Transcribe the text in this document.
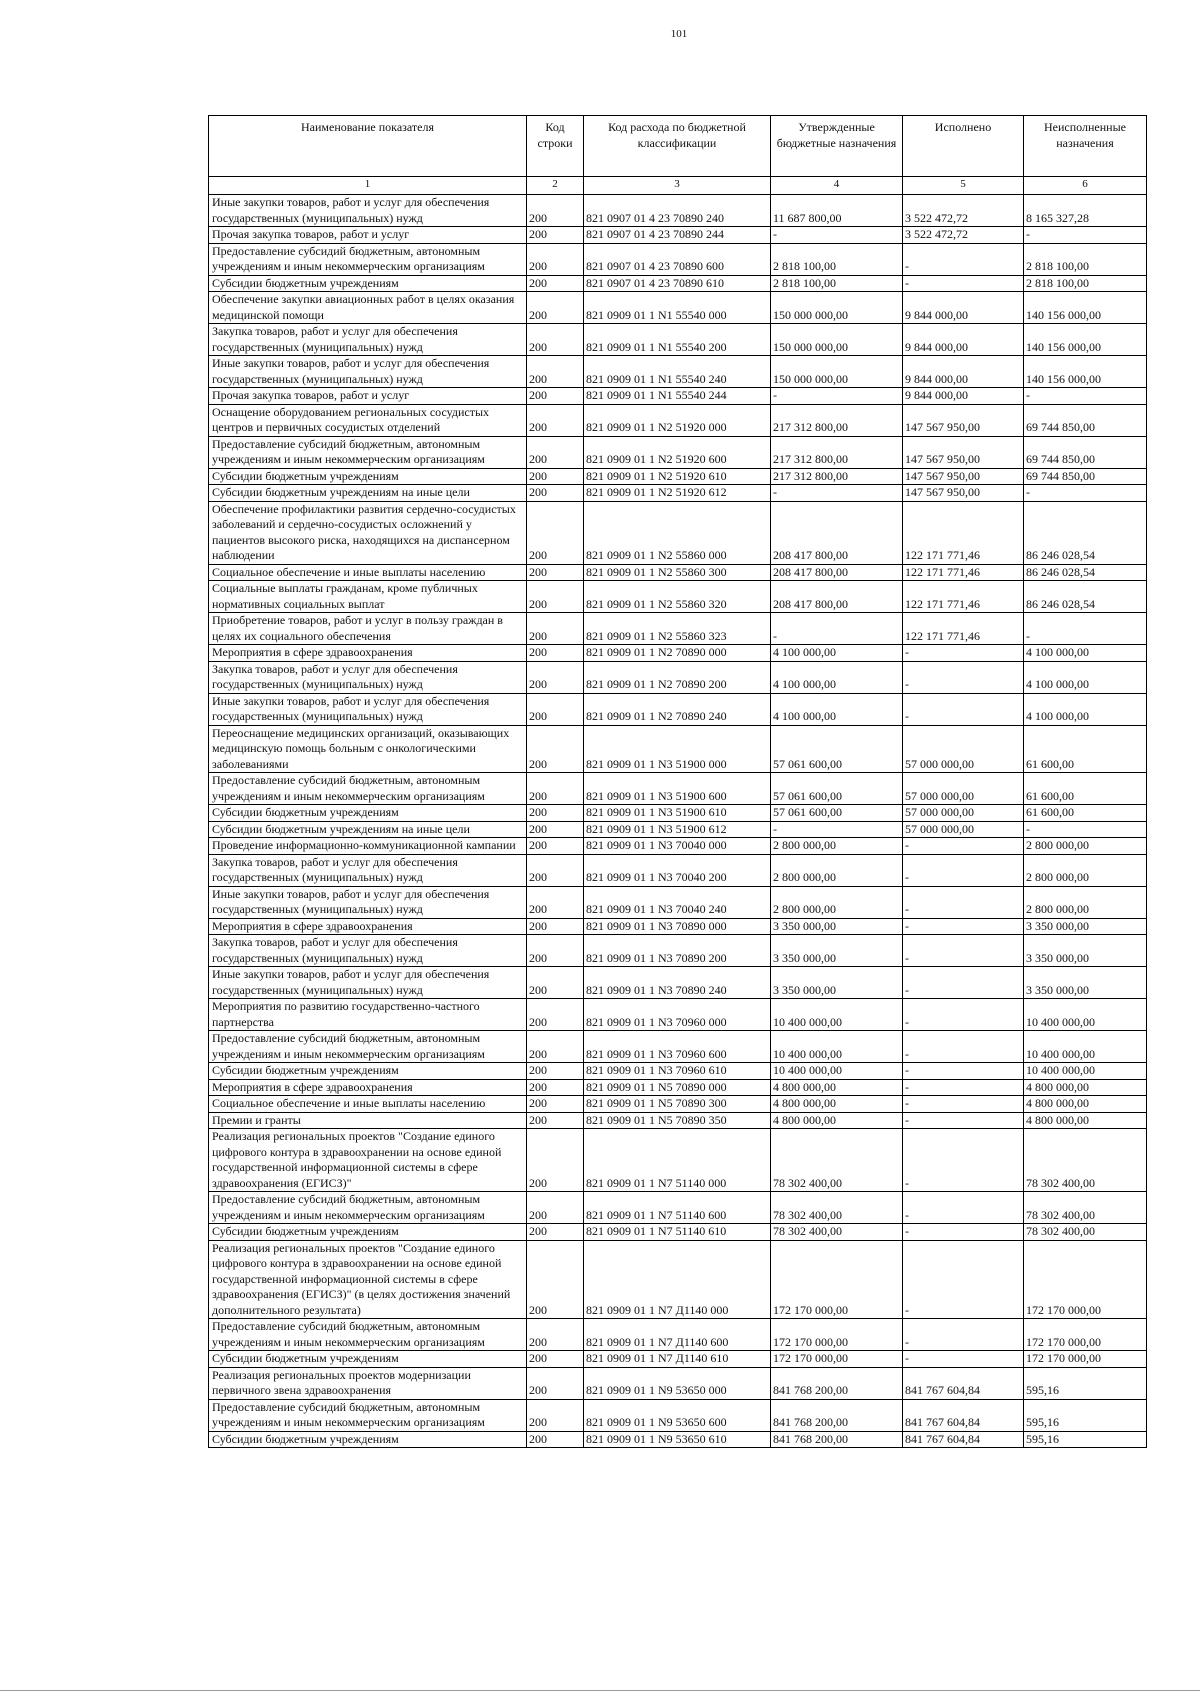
101
Наименование показателя	Код строки	Код расхода по бюджетной классификации	Утвержденные бюджетные назначения	Исполнено	Неисполненные назначения
1	2	3	4	5	6
Иные закупки товаров, работ и услуг для обеспечения государственных (муниципальных) нужд	200	821 0907 01 4 23 70890 240	11 687 800,00	3 522 472,72	8 165 327,28
Прочая закупка товаров, работ и услуг	200	821 0907 01 4 23 70890 244	-	3 522 472,72	-
Предоставление субсидий бюджетным, автономным учреждениям и иным некоммерческим организациям	200	821 0907 01 4 23 70890 600	2 818 100,00	-	2 818 100,00
Субсидии бюджетным учреждениям	200	821 0907 01 4 23 70890 610	2 818 100,00	-	2 818 100,00
Обеспечение закупки авиационных работ в целях оказания медицинской помощи	200	821 0909 01 1 N1 55540 000	150 000 000,00	9 844 000,00	140 156 000,00
Закупка товаров, работ и услуг для обеспечения государственных (муниципальных) нужд	200	821 0909 01 1 N1 55540 200	150 000 000,00	9 844 000,00	140 156 000,00
Иные закупки товаров, работ и услуг для обеспечения государственных (муниципальных) нужд	200	821 0909 01 1 N1 55540 240	150 000 000,00	9 844 000,00	140 156 000,00
Прочая закупка товаров, работ и услуг	200	821 0909 01 1 N1 55540 244	-	9 844 000,00	-
Оснащение оборудованием региональных сосудистых центров и первичных сосудистых отделений	200	821 0909 01 1 N2 51920 000	217 312 800,00	147 567 950,00	69 744 850,00
Предоставление субсидий бюджетным, автономным учреждениям и иным некоммерческим организациям	200	821 0909 01 1 N2 51920 600	217 312 800,00	147 567 950,00	69 744 850,00
Субсидии бюджетным учреждениям	200	821 0909 01 1 N2 51920 610	217 312 800,00	147 567 950,00	69 744 850,00
Субсидии бюджетным учреждениям на иные цели	200	821 0909 01 1 N2 51920 612	-	147 567 950,00	-
Обеспечение профилактики развития сердечно-сосудистых заболеваний и сердечно-сосудистых осложнений у пациентов высокого риска, находящихся на диспансерном наблюдении	200	821 0909 01 1 N2 55860 000	208 417 800,00	122 171 771,46	86 246 028,54
Социальное обеспечение и иные выплаты населению	200	821 0909 01 1 N2 55860 300	208 417 800,00	122 171 771,46	86 246 028,54
Социальные выплаты гражданам, кроме публичных нормативных социальных выплат	200	821 0909 01 1 N2 55860 320	208 417 800,00	122 171 771,46	86 246 028,54
Приобретение товаров, работ и услуг в пользу граждан в целях их социального обеспечения	200	821 0909 01 1 N2 55860 323	-	122 171 771,46	-
Мероприятия в сфере здравоохранения	200	821 0909 01 1 N2 70890 000	4 100 000,00	-	4 100 000,00
Закупка товаров, работ и услуг для обеспечения государственных (муниципальных) нужд	200	821 0909 01 1 N2 70890 200	4 100 000,00	-	4 100 000,00
Иные закупки товаров, работ и услуг для обеспечения государственных (муниципальных) нужд	200	821 0909 01 1 N2 70890 240	4 100 000,00	-	4 100 000,00
Переоснащение медицинских организаций, оказывающих медицинскую помощь больным с онкологическими заболеваниями	200	821 0909 01 1 N3 51900 000	57 061 600,00	57 000 000,00	61 600,00
Предоставление субсидий бюджетным, автономным учреждениям и иным некоммерческим организациям	200	821 0909 01 1 N3 51900 600	57 061 600,00	57 000 000,00	61 600,00
Субсидии бюджетным учреждениям	200	821 0909 01 1 N3 51900 610	57 061 600,00	57 000 000,00	61 600,00
Субсидии бюджетным учреждениям на иные цели	200	821 0909 01 1 N3 51900 612	-	57 000 000,00	-
Проведение информационно-коммуникационной кампании	200	821 0909 01 1 N3 70040 000	2 800 000,00	-	2 800 000,00
Закупка товаров, работ и услуг для обеспечения государственных (муниципальных) нужд	200	821 0909 01 1 N3 70040 200	2 800 000,00	-	2 800 000,00
Иные закупки товаров, работ и услуг для обеспечения государственных (муниципальных) нужд	200	821 0909 01 1 N3 70040 240	2 800 000,00	-	2 800 000,00
Мероприятия в сфере здравоохранения	200	821 0909 01 1 N3 70890 000	3 350 000,00	-	3 350 000,00
Закупка товаров, работ и услуг для обеспечения государственных (муниципальных) нужд	200	821 0909 01 1 N3 70890 200	3 350 000,00	-	3 350 000,00
Иные закупки товаров, работ и услуг для обеспечения государственных (муниципальных) нужд	200	821 0909 01 1 N3 70890 240	3 350 000,00	-	3 350 000,00
Мероприятия по развитию государственно-частного партнерства	200	821 0909 01 1 N3 70960 000	10 400 000,00	-	10 400 000,00
Предоставление субсидий бюджетным, автономным учреждениям и иным некоммерческим организациям	200	821 0909 01 1 N3 70960 600	10 400 000,00	-	10 400 000,00
Субсидии бюджетным учреждениям	200	821 0909 01 1 N3 70960 610	10 400 000,00	-	10 400 000,00
Мероприятия в сфере здравоохранения	200	821 0909 01 1 N5 70890 000	4 800 000,00	-	4 800 000,00
Социальное обеспечение и иные выплаты населению	200	821 0909 01 1 N5 70890 300	4 800 000,00	-	4 800 000,00
Премии и гранты	200	821 0909 01 1 N5 70890 350	4 800 000,00	-	4 800 000,00
Реализация региональных проектов "Создание единого цифрового контура в здравоохранении на основе единой государственной информационной системы в сфере здравоохранения (ЕГИСЗ)"	200	821 0909 01 1 N7 51140 000	78 302 400,00	-	78 302 400,00
Предоставление субсидий бюджетным, автономным учреждениям и иным некоммерческим организациям	200	821 0909 01 1 N7 51140 600	78 302 400,00	-	78 302 400,00
Субсидии бюджетным учреждениям	200	821 0909 01 1 N7 51140 610	78 302 400,00	-	78 302 400,00
Реализация региональных проектов "Создание единого цифрового контура в здравоохранении на основе единой государственной информационной системы в сфере здравоохранения (ЕГИСЗ)" (в целях достижения значений дополнительного результата)	200	821 0909 01 1 N7 Д1140 000	172 170 000,00	-	172 170 000,00
Предоставление субсидий бюджетным, автономным учреждениям и иным некоммерческим организациям	200	821 0909 01 1 N7 Д1140 600	172 170 000,00	-	172 170 000,00
Субсидии бюджетным учреждениям	200	821 0909 01 1 N7 Д1140 610	172 170 000,00	-	172 170 000,00
Реализация региональных проектов модернизации первичного звена здравоохранения	200	821 0909 01 1 N9 53650 000	841 768 200,00	841 767 604,84	595,16
Предоставление субсидий бюджетным, автономным учреждениям и иным некоммерческим организациям	200	821 0909 01 1 N9 53650 600	841 768 200,00	841 767 604,84	595,16
Субсидии бюджетным учреждениям	200	821 0909 01 1 N9 53650 610	841 768 200,00	841 767 604,84	595,16
